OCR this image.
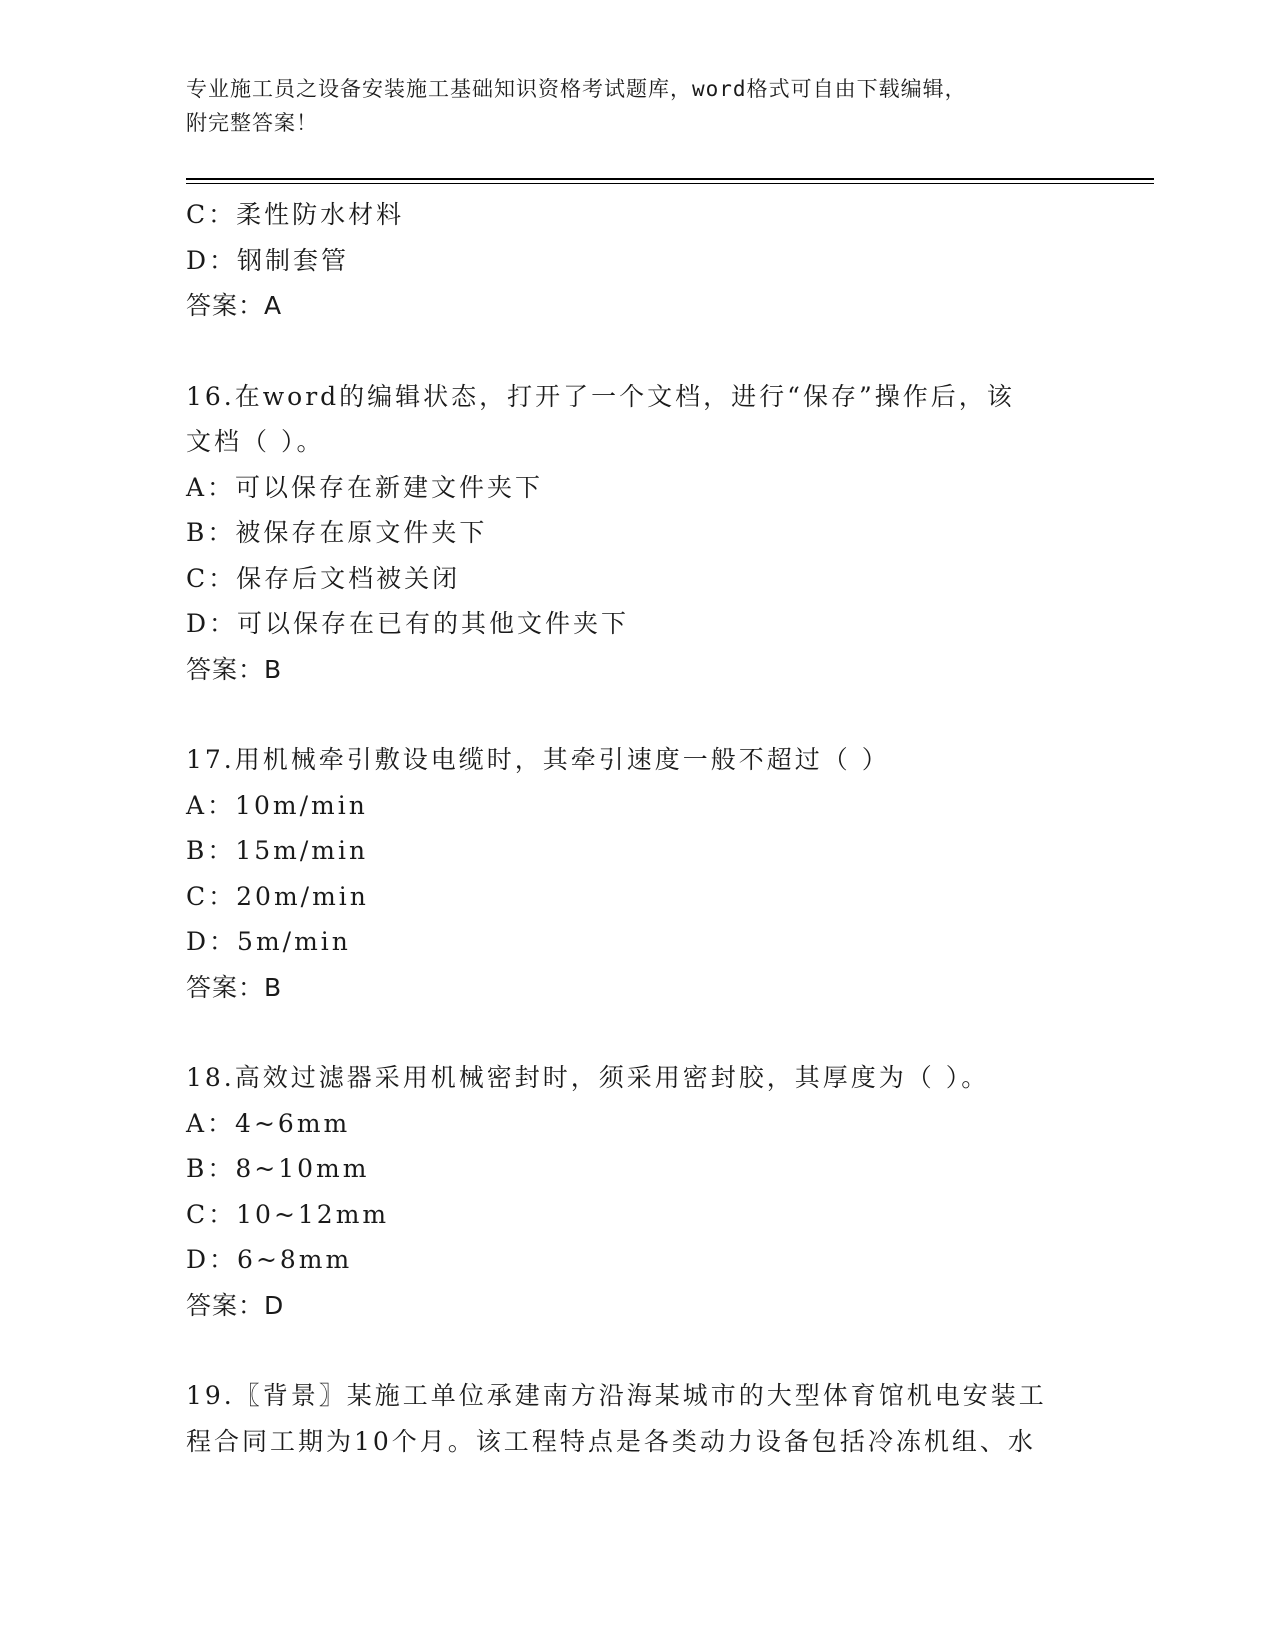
专业施工员之设备安装施工基础知识资格考试题库，word格式可自由下载编辑，
附完整答案！
C：柔性防水材料
D：钢制套管
答案：A
16.在word的编辑状态，打开了一个文档，进行“保存”操作后，该
文档（ ）。
A：可以保存在新建文件夹下
B：被保存在原文件夹下
C：保存后文档被关闭
D：可以保存在已有的其他文件夹下
答案：B
17.用机械牵引敷设电缆时，其牵引速度一般不超过（ ）
A：10m/min
B：15m/min
C：20m/min
D：5m/min
答案：B
18.高效过滤器采用机械密封时，须采用密封胶，其厚度为（ ）。
A：4~6mm
B：8~10mm
C：10~12mm
D：6~8mm
答案：D
19.〖背景〗某施工单位承建南方沿海某城市的大型体育馆机电安装工
程合同工期为10个月。该工程特点是各类动力设备包括冷冻机组、水
